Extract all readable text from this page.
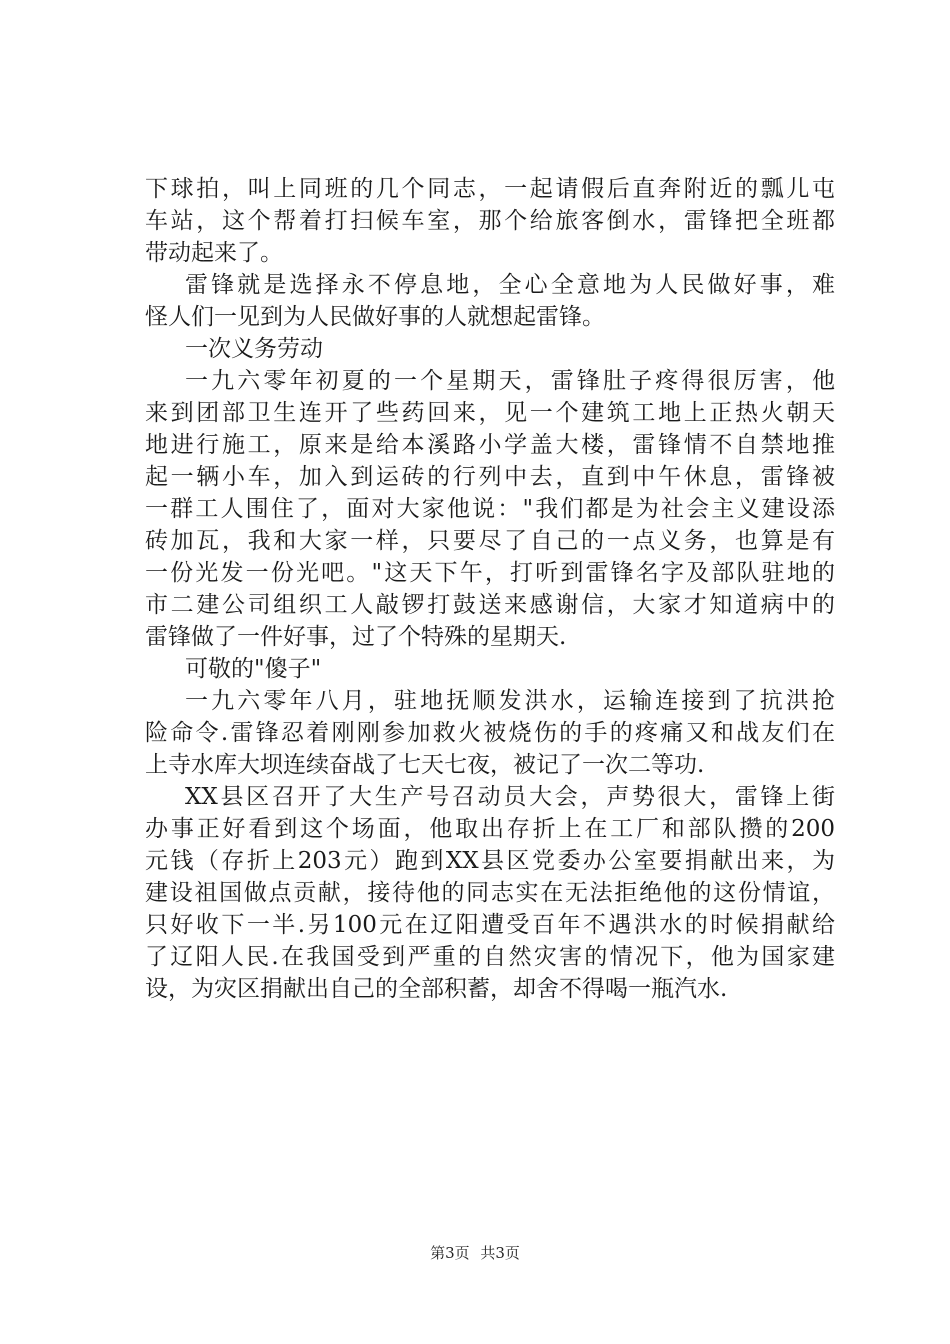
下球拍，叫上同班的几个同志，一起请假后直奔附近的瓢儿屯
车站，这个帮着打扫候车室，那个给旅客倒水，雷锋把全班都
带动起来了。
雷锋就是选择永不停息地，全心全意地为人民做好事，难
怪人们一见到为人民做好事的人就想起雷锋。
一次义务劳动
一九六零年初夏的一个星期天，雷锋肚子疼得很厉害，他
来到团部卫生连开了些药回来，见一个建筑工地上正热火朝天
地进行施工，原来是给本溪路小学盖大楼，雷锋情不自禁地推
起一辆小车，加入到运砖的行列中去，直到中午休息，雷锋被
一群工人围住了，面对大家他说："我们都是为社会主义建设添
砖加瓦，我和大家一样，只要尽了自己的一点义务，也算是有
一份光发一份光吧。"这天下午，打听到雷锋名字及部队驻地的
市二建公司组织工人敲锣打鼓送来感谢信，大家才知道病中的
雷锋做了一件好事，过了个特殊的星期天.
可敬的"傻子"
一九六零年八月，驻地抚顺发洪水，运输连接到了抗洪抢
险命令.雷锋忍着刚刚参加救火被烧伤的手的疼痛又和战友们在
上寺水库大坝连续奋战了七天七夜，被记了一次二等功.
XX县区召开了大生产号召动员大会，声势很大，雷锋上街
办事正好看到这个场面，他取出存折上在工厂和部队攒的200
元钱（存折上203元）跑到XX县区党委办公室要捐献出来，为
建设祖国做点贡献，接待他的同志实在无法拒绝他的这份情谊，
只好收下一半.另100元在辽阳遭受百年不遇洪水的时候捐献给
了辽阳人民.在我国受到严重的自然灾害的情况下，他为国家建
设，为灾区捐献出自己的全部积蓄，却舍不得喝一瓶汽水.
第3页 共3页
